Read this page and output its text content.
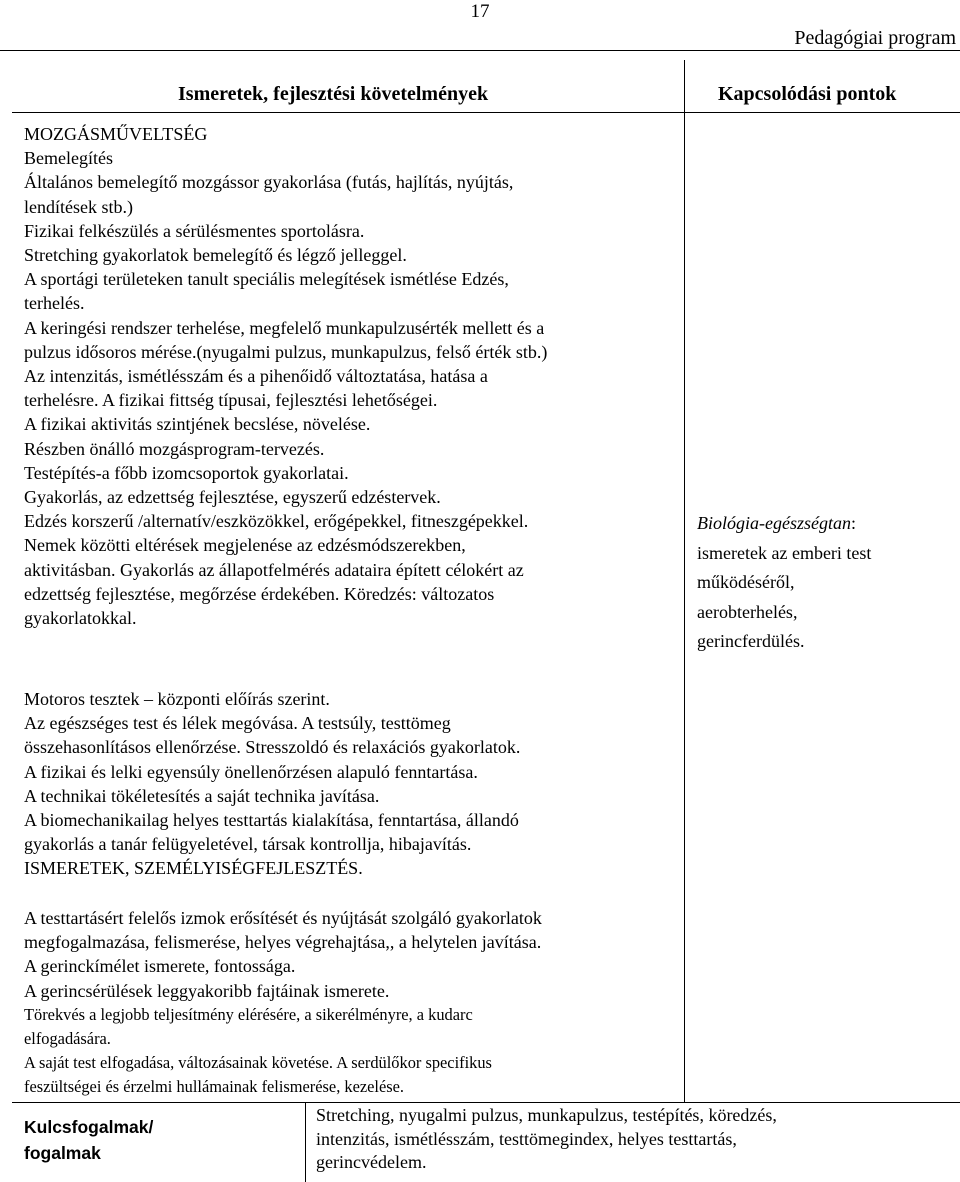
17
Pedagógiai program
Ismeretek, fejlesztési követelmények	Kapcsolódási pontok
MOZGÁSMŰVELTSÉG
Bemelegítés
Általános bemelegítő mozgássor gyakorlása (futás, hajlítás, nyújtás,
lendítések stb.)
Fizikai felkészülés a sérülésmentes sportolásra.
Stretching gyakorlatok bemelegítő és légző jelleggel.
A sportági területeken tanult speciális melegítések ismétlése Edzés,
terhelés.
A keringési rendszer terhelése, megfelelő munkapulzusérték mellett és a
pulzus idősoros mérése.(nyugalmi pulzus, munkapulzus, felső érték stb.)
Az intenzitás, ismétlésszám és a pihenőidő változtatása, hatása a
terhelésre. A fizikai fittség típusai, fejlesztési lehetőségei.
A fizikai aktivitás szintjének becslése, növelése.
Részben önálló mozgásprogram-tervezés.
Testépítés-a főbb izomcsoportok gyakorlatai.
Gyakorlás, az edzettség fejlesztése, egyszerű edzéstervek.
Edzés korszerű /alternatív/eszközökkel, erőgépekkel, fitneszgépekkel.
Nemek közötti eltérések megjelenése az edzésmódszerekben,
aktivitásban. Gyakorlás az állapotfelmérés adataira épített célokért az
edzettség fejlesztése, megőrzése érdekében. Köredzés: változatos
gyakorlatokkal.
Motoros tesztek – központi előírás szerint.
Az egészséges test és lélek megóvása. A testsúly, testtömeg
összehasonlításos ellenőrzése. Stresszoldó és relaxációs gyakorlatok.
A fizikai és lelki egyensúly önellenőrzésen alapuló fenntartása.
A technikai tökéletesítés a saját technika javítása.
A biomechanikailag helyes testtartás kialakítása, fenntartása, állandó
gyakorlás a tanár felügyeletével, társak kontrollja, hibajavítás.
ISMERETEK, SZEMÉLYISÉGFEJLESZTÉS.
A testtartásért felelős izmok erősítését és nyújtását szolgáló gyakorlatok
megfogalmazása, felismerése, helyes végrehajtása,, a helytelen javítása.
A gerinckímélet ismerete, fontossága.
A gerincsérülések leggyakoribb fajtáinak ismerete.
Törekvés a legjobb teljesítmény elérésére, a sikerélményre, a kudarc
elfogadására.
A saját test elfogadása, változásainak követése. A serdülőkor specifikus
feszültségei és érzelmi hullámainak felismerése, kezelése.
Biológia-egészségtan:
ismeretek az emberi test
működéséről,
aerobterhelés,
gerincferdülés.
Kulcsfogalmak/
fogalmak
Stretching, nyugalmi pulzus, munkapulzus, testépítés, köredzés,
intenzitás, ismétlésszám, testtömegindex, helyes testtartás,
gerincvédelem.
